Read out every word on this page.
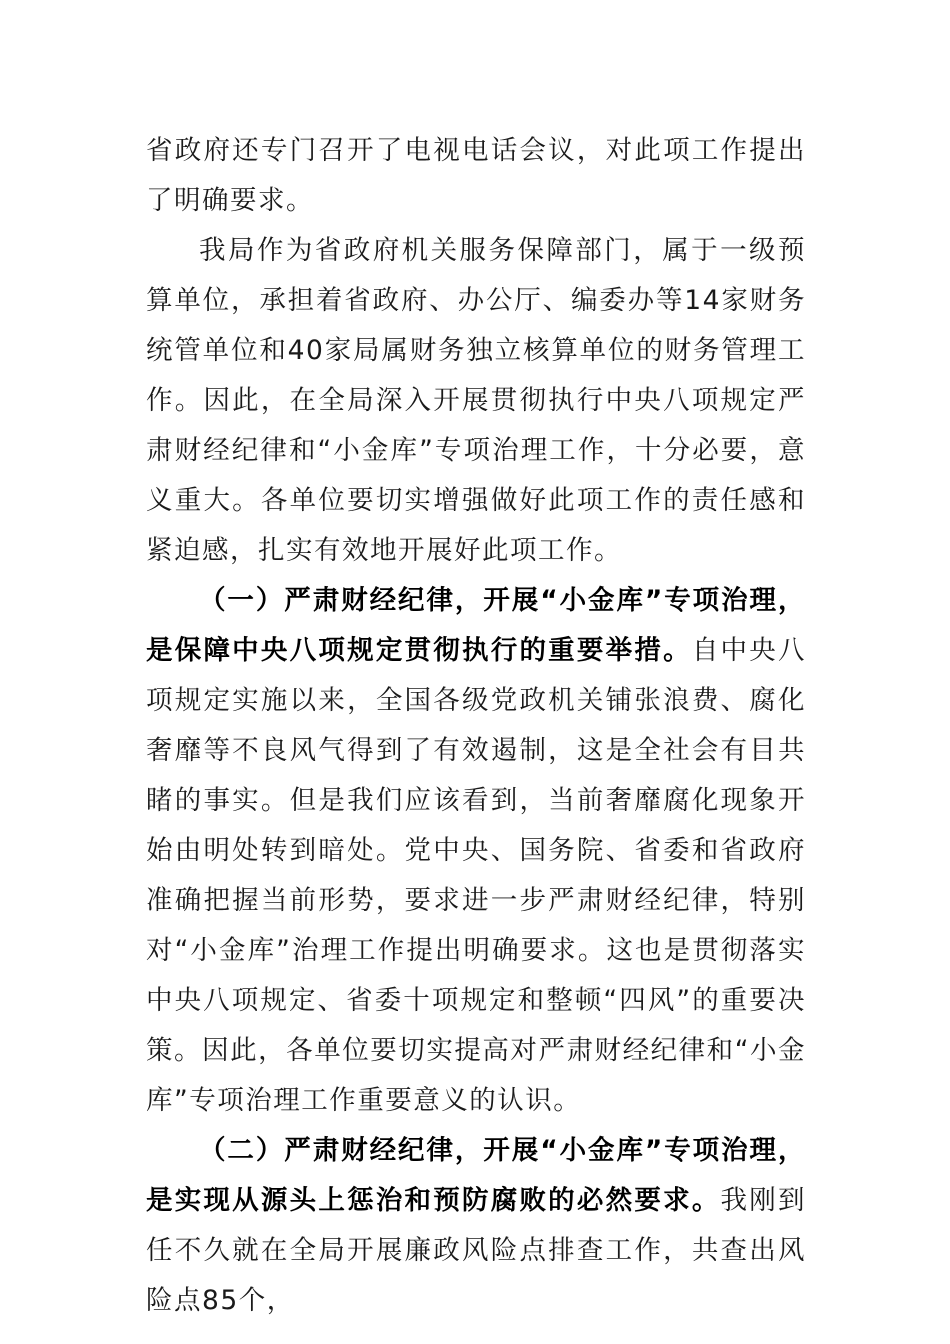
省政府还专门召开了电视电话会议，对此项工作提出了明确要求。

我局作为省政府机关服务保障部门，属于一级预算单位，承担着省政府、办公厅、编委办等14家财务统管单位和40家局属财务独立核算单位的财务管理工作。因此，在全局深入开展贯彻执行中央八项规定严肃财经纪律和“小金库”专项治理工作，十分必要，意义重大。各单位要切实增强做好此项工作的责任感和紧迫感，扎实有效地开展好此项工作。

（一）严肃财经纪律，开展“小金库”专项治理，是保障中央八项规定贯彻执行的重要举措。自中央八项规定实施以来，全国各级党政机关铺张浪费、腐化奢靡等不良风气得到了有效遏制，这是全社会有目共睹的事实。但是我们应该看到，当前奢靡腐化现象开始由明处转到暗处。党中央、国务院、省委和省政府准确把握当前形势，要求进一步严肃财经纪律，特别对“小金库”治理工作提出明确要求。这也是贯彻落实中央八项规定、省委十项规定和整顿“四风”的重要决策。因此，各单位要切实提高对严肃财经纪律和“小金库”专项治理工作重要意义的认识。

（二）严肃财经纪律，开展“小金库”专项治理，是实现从源头上惩治和预防腐败的必然要求。我刚到任不久就在全局开展廉政风险点排查工作，共查出风险点85个，
